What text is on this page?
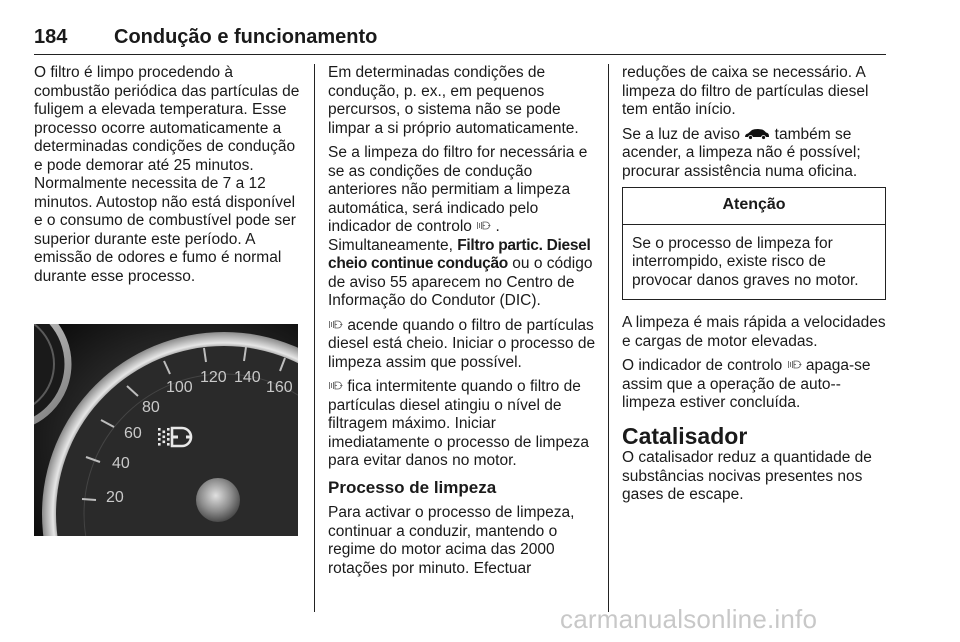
184 Condução e funcionamento

O filtro é limpo procedendo à combustão periódica das partículas de fuligem a elevada temperatura. Esse processo ocorre automaticamente a determinadas condições de condução e pode demorar até 25 minutos. Normalmente necessita de 7 a 12 minutos. Autostop não está disponível e o consumo de combustível pode ser superior durante este período. A emissão de odores e fumo é normal durante esse processo.

20
40
60
80
100
120 140
160

Em determinadas condições de condução, p. ex., em pequenos percursos, o sistema não se pode limpar a si próprio automaticamente.

Se a limpeza do filtro for necessária e se as condições de condução anteriores não permitiam a limpeza automática, será indicado pelo indicador de controlo .
Simultaneamente, Filtro partic. Diesel cheio continue condução ou o código de aviso 55 aparecem no Centro de Informação do Condutor (DIC).

acende quando o filtro de partículas diesel está cheio. Iniciar o processo de limpeza assim que possível.

fica intermitente quando o filtro de partículas diesel atingiu o nível de filtragem máximo. Iniciar imediatamente o processo de limpeza para evitar danos no motor.

Processo de limpeza

Para activar o processo de limpeza, continuar a conduzir, mantendo o regime do motor acima das 2000 rotações por minuto. Efectuar

reduções de caixa se necessário. A limpeza do filtro de partículas diesel tem então início.

Se a luz de aviso também se acender, a limpeza não é possível; procurar assistência numa oficina.

Atenção
Se o processo de limpeza for interrompido, existe risco de provocar danos graves no motor.

A limpeza é mais rápida a velocidades e cargas de motor elevadas.

O indicador de controlo apaga-se assim que a operação de auto--limpeza estiver concluída.

Catalisador

O catalisador reduz a quantidade de substâncias nocivas presentes nos gases de escape.

carmanualsonline.info
